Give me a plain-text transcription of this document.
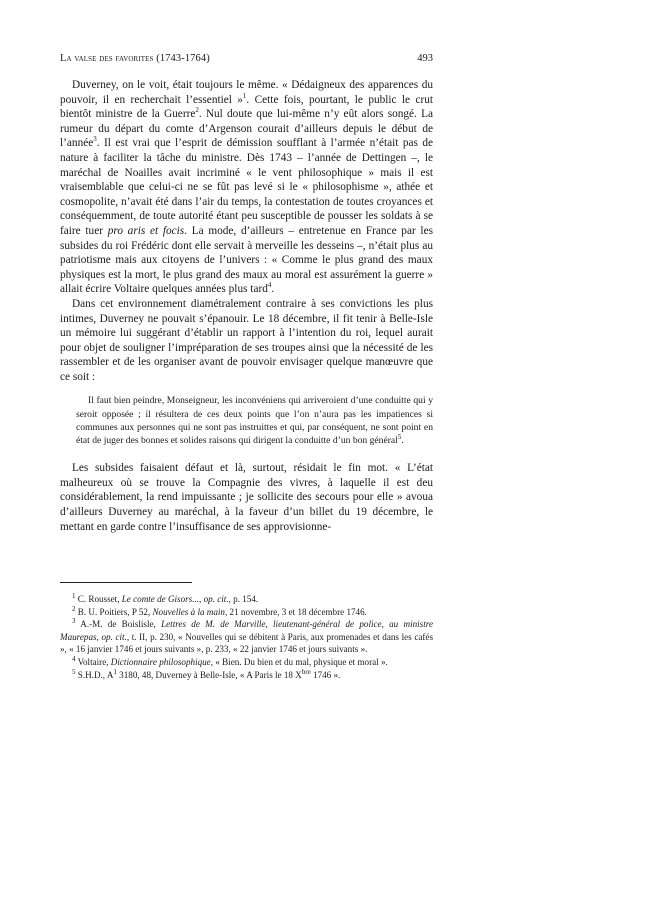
La valse des favorites (1743-1764)	493

Duverney, on le voit, était toujours le même. « Dédaigneux des apparences du pouvoir, il en recherchait l’essentiel »$^1$. Cette fois, pourtant, le public le crut bientôt ministre de la Guerre$^2$. Nul doute que lui-même n’y eût alors songé. La rumeur du départ du comte d’Argenson courait d’ailleurs depuis le début de l’année$^3$. Il est vrai que l’esprit de démission soufflant à l’armée n’était pas de nature à faciliter la tâche du ministre. Dès 1743 – l’année de Dettingen –, le maréchal de Noailles avait incriminé « le vent philosophique » mais il est vraisemblable que celui-ci ne se fût pas levé si le « philosophisme », athée et cosmopolite, n’avait été dans l’air du temps, la contestation de toutes croyances et conséquemment, de toute autorité étant peu susceptible de pousser les soldats à se faire tuer pro aris et focis. La mode, d’ailleurs – entretenue en France par les subsides du roi Frédéric dont elle servait à merveille les desseins –, n’était plus au patriotisme mais aux citoyens de l’univers : « Comme le plus grand des maux physiques est la mort, le plus grand des maux au moral est assurément la guerre » allait écrire Voltaire quelques années plus tard$^4$.

Dans cet environnement diamétralement contraire à ses convictions les plus intimes, Duverney ne pouvait s’épanouir. Le 18 décembre, il fit tenir à Belle-Isle un mémoire lui suggérant d’établir un rapport à l’intention du roi, lequel aurait pour objet de souligner l’impréparation de ses troupes ainsi que la nécessité de les rassembler et de les organiser avant de pouvoir envisager quelque manœuvre que ce soit :

Il faut bien peindre, Monseigneur, les inconvéniens qui arriveroient d’une conduitte qui y seroit opposée ; il résultera de ces deux points que l’on n’aura pas les impatiences si communes aux personnes qui ne sont pas instruittes et qui, par conséquent, ne sont point en état de juger des bonnes et solides raisons qui dirigent la conduitte d’un bon général$^5$.

Les subsides faisaient défaut et là, surtout, résidait le fin mot. « L’état malheureux où se trouve la Compagnie des vivres, à laquelle il est deu considérablement, la rend impuissante ; je sollicite des secours pour elle » avoua d’ailleurs Duverney au maréchal, à la faveur d’un billet du 19 décembre, le mettant en garde contre l’insuffisance de ses approvisionne-

$^1$ C. Rousset, Le comte de Gisors..., op. cit., p. 154.

$^2$ B. U. Poitiers, P 52, Nouvelles à la main, 21 novembre, 3 et 18 décembre 1746.

$^3$ A.-M. de Boislisle, Lettres de M. de Marville, lieutenant-général de police, au ministre Maurepas, op. cit., t. II, p. 230, « Nouvelles qui se débitent à Paris, aux promenades et dans les cafés », « 16 janvier 1746 et jours suivants », p. 233, « 22 janvier 1746 et jours suivants ».

$^4$ Voltaire, Dictionnaire philosophique, « Bien. Du bien et du mal, physique et moral ».

$^5$ S.H.D., $A^1$ 3180, 48, Duverney à Belle-Isle, « A Paris le 18 $X^{bre}$ 1746 ».
